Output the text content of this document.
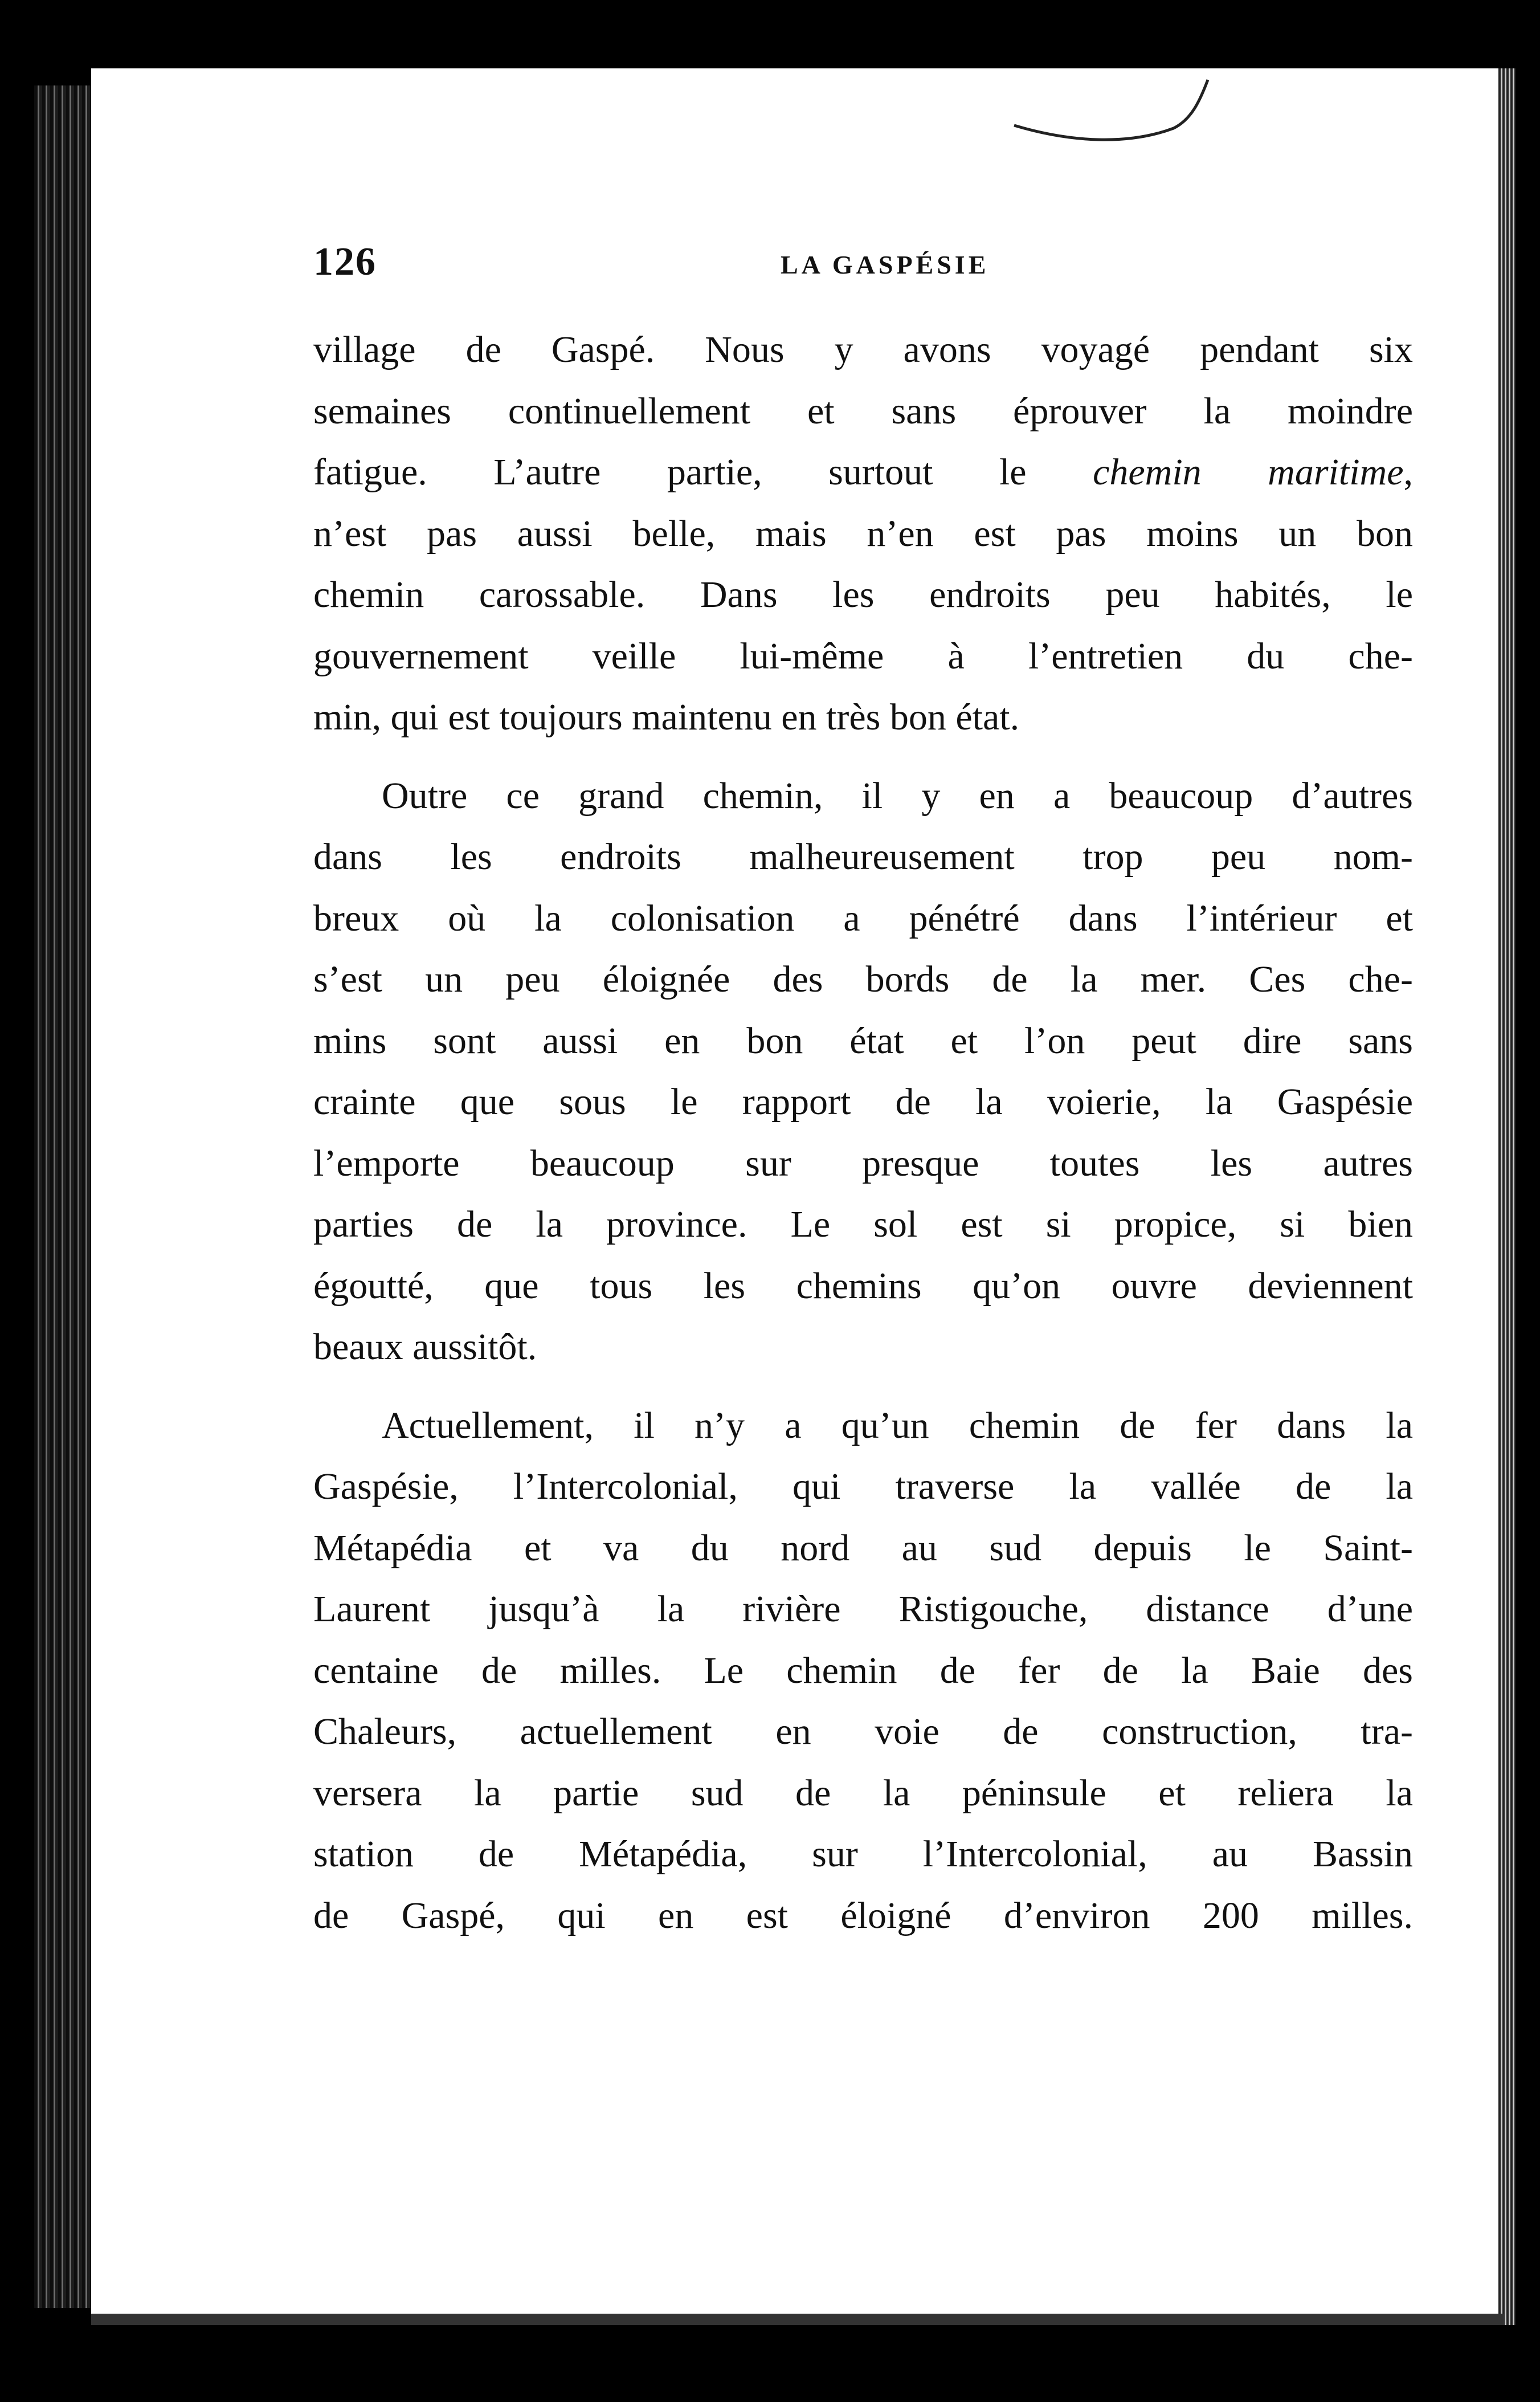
126	LA GASPÉSIE

village de Gaspé. Nous y avons voyagé pendant six
semaines continuellement et sans éprouver la moindre
fatigue. L’autre partie, surtout le chemin maritime,
n’est pas aussi belle, mais n’en est pas moins un bon
chemin carossable. Dans les endroits peu habités, le
gouvernement veille lui-même à l’entretien du che-
min, qui est toujours maintenu en très bon état.

Outre ce grand chemin, il y en a beaucoup d’autres
dans les endroits malheureusement trop peu nom-
breux où la colonisation a pénétré dans l’intérieur et
s’est un peu éloignée des bords de la mer. Ces che-
mins sont aussi en bon état et l’on peut dire sans
crainte que sous le rapport de la voierie, la Gaspésie
l’emporte beaucoup sur presque toutes les autres
parties de la province. Le sol est si propice, si bien
égoutté, que tous les chemins qu’on ouvre deviennent
beaux aussitôt.

Actuellement, il n’y a qu’un chemin de fer dans la
Gaspésie, l’Intercolonial, qui traverse la vallée de la
Métapédia et va du nord au sud depuis le Saint-
Laurent jusqu’à la rivière Ristigouche, distance d’une
centaine de milles. Le chemin de fer de la Baie des
Chaleurs, actuellement en voie de construction, tra-
versera la partie sud de la péninsule et reliera la
station de Métapédia, sur l’Intercolonial, au Bassin
de Gaspé, qui en est éloigné d’environ 200 milles.
